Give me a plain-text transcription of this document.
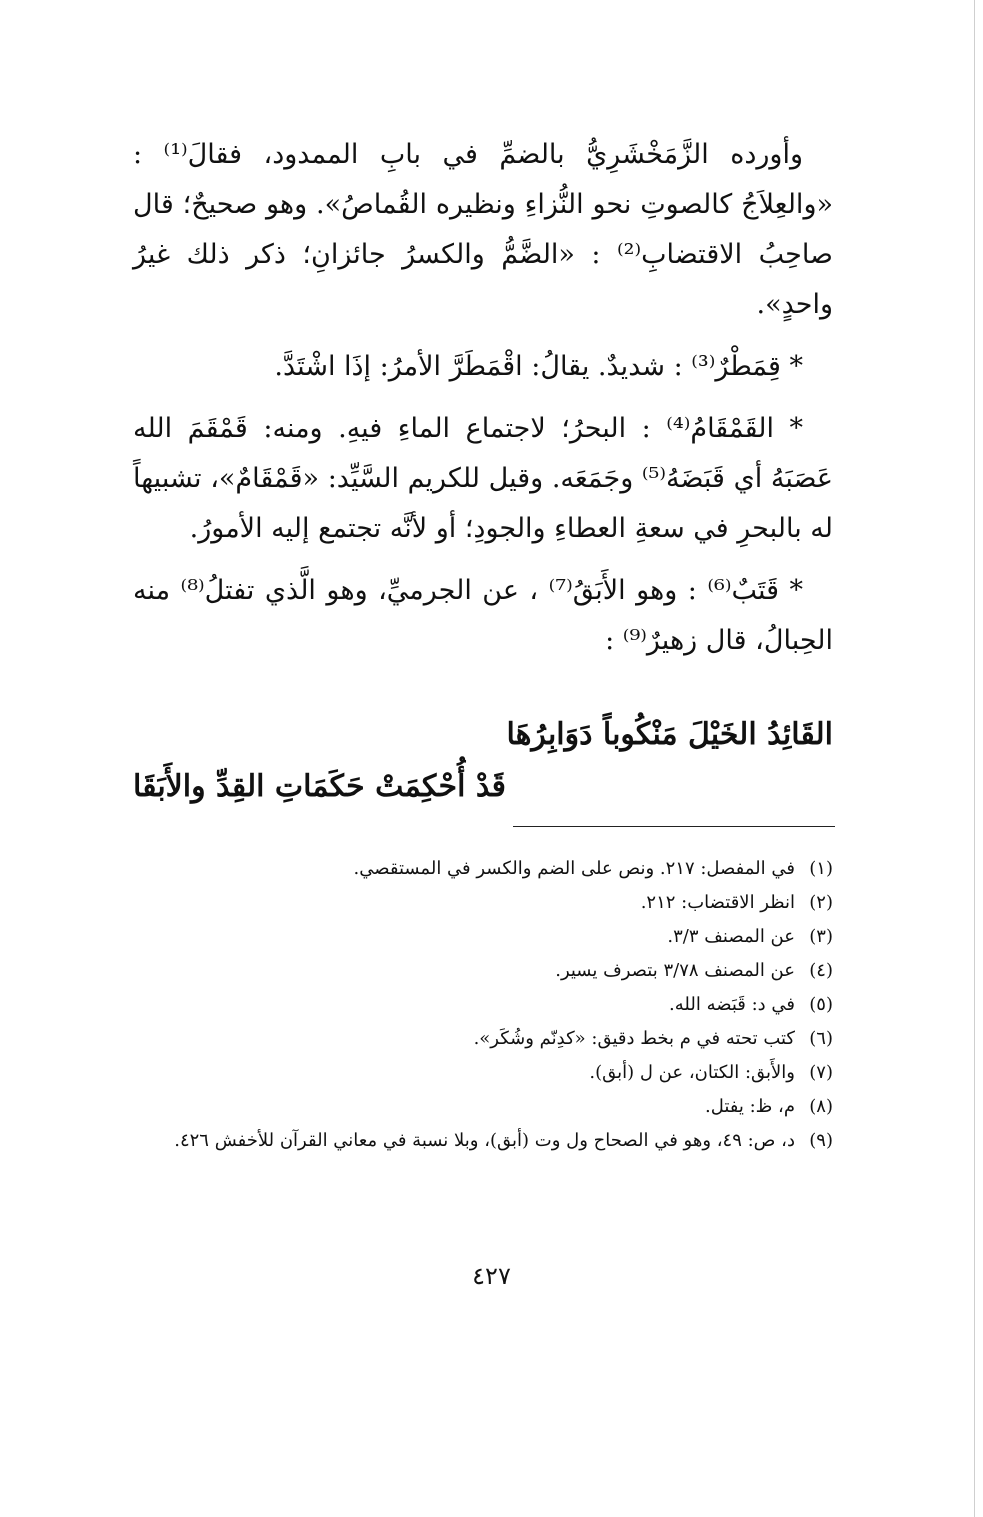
وأورده الزَّمَخْشَرِيُّ بالضمِّ في بابِ الممدود، فقالَ⁽¹⁾ : «والعِلاَجُ كالصوتِ نحو النُّزاءِ ونظيره القُماصُ». وهو صحيحٌ؛ قال صاحِبُ الاقتضابِ⁽²⁾ : «الضَّمُّ والكسرُ جائزانِ؛ ذكر ذلك غيرُ واحدٍ».

* قِمَطْرٌ⁽³⁾ : شديدٌ. يقالُ: اقْمَطَرَّ الأمرُ: إذَا اشْتَدَّ.

* القَمْقَامُ⁽⁴⁾ : البحرُ؛ لاجتماع الماءِ فيهِ. ومنه: قَمْقَمَ الله عَصَبَهُ أي قَبَضَهُ⁽⁵⁾ وجَمَعَه. وقيل للكريم السَّيِّد: «قَمْقَامٌ»، تشبيهاً له بالبحرِ في سعةِ العطاءِ والجودِ؛ أو لأنَّه تجتمع إليه الأمورُ.

* قَتَبٌ⁽⁶⁾ : وهو الأَبَقُ⁽⁷⁾ ، عن الجرميِّ، وهو الَّذي تفتلُ⁽⁸⁾ منه الحِبالُ، قال زهيرٌ⁽⁹⁾ :

القَائِدُ الخَيْلَ مَنْكُوباً دَوَابِرُهَا
قَدْ أُحْكِمَتْ حَكَمَاتِ القِدِّ والأَبَقَا
(١)
في المفصل: ٢١٧. ونص على الضم والكسر في المستقصي.
(٢)
انظر الاقتضاب: ٢١٢.
(٣)
عن المصنف ٣/٣.
(٤)
عن المصنف ٣/٧٨ بتصرف يسير.
(٥)
في د: قَبَضه الله.
(٦)
كتب تحته في م بخط دقيق: «كدِنّم وشُكَر».
(٧)
والأَبق: الكتان، عن ل (أبق).
(٨)
م، ظ: يفتل.
(٩)
د، ص: ٤٩، وهو في الصحاح ول وت (أبق)، وبلا نسبة في معاني القرآن للأخفش ٤٢٦.
٤٢٧
